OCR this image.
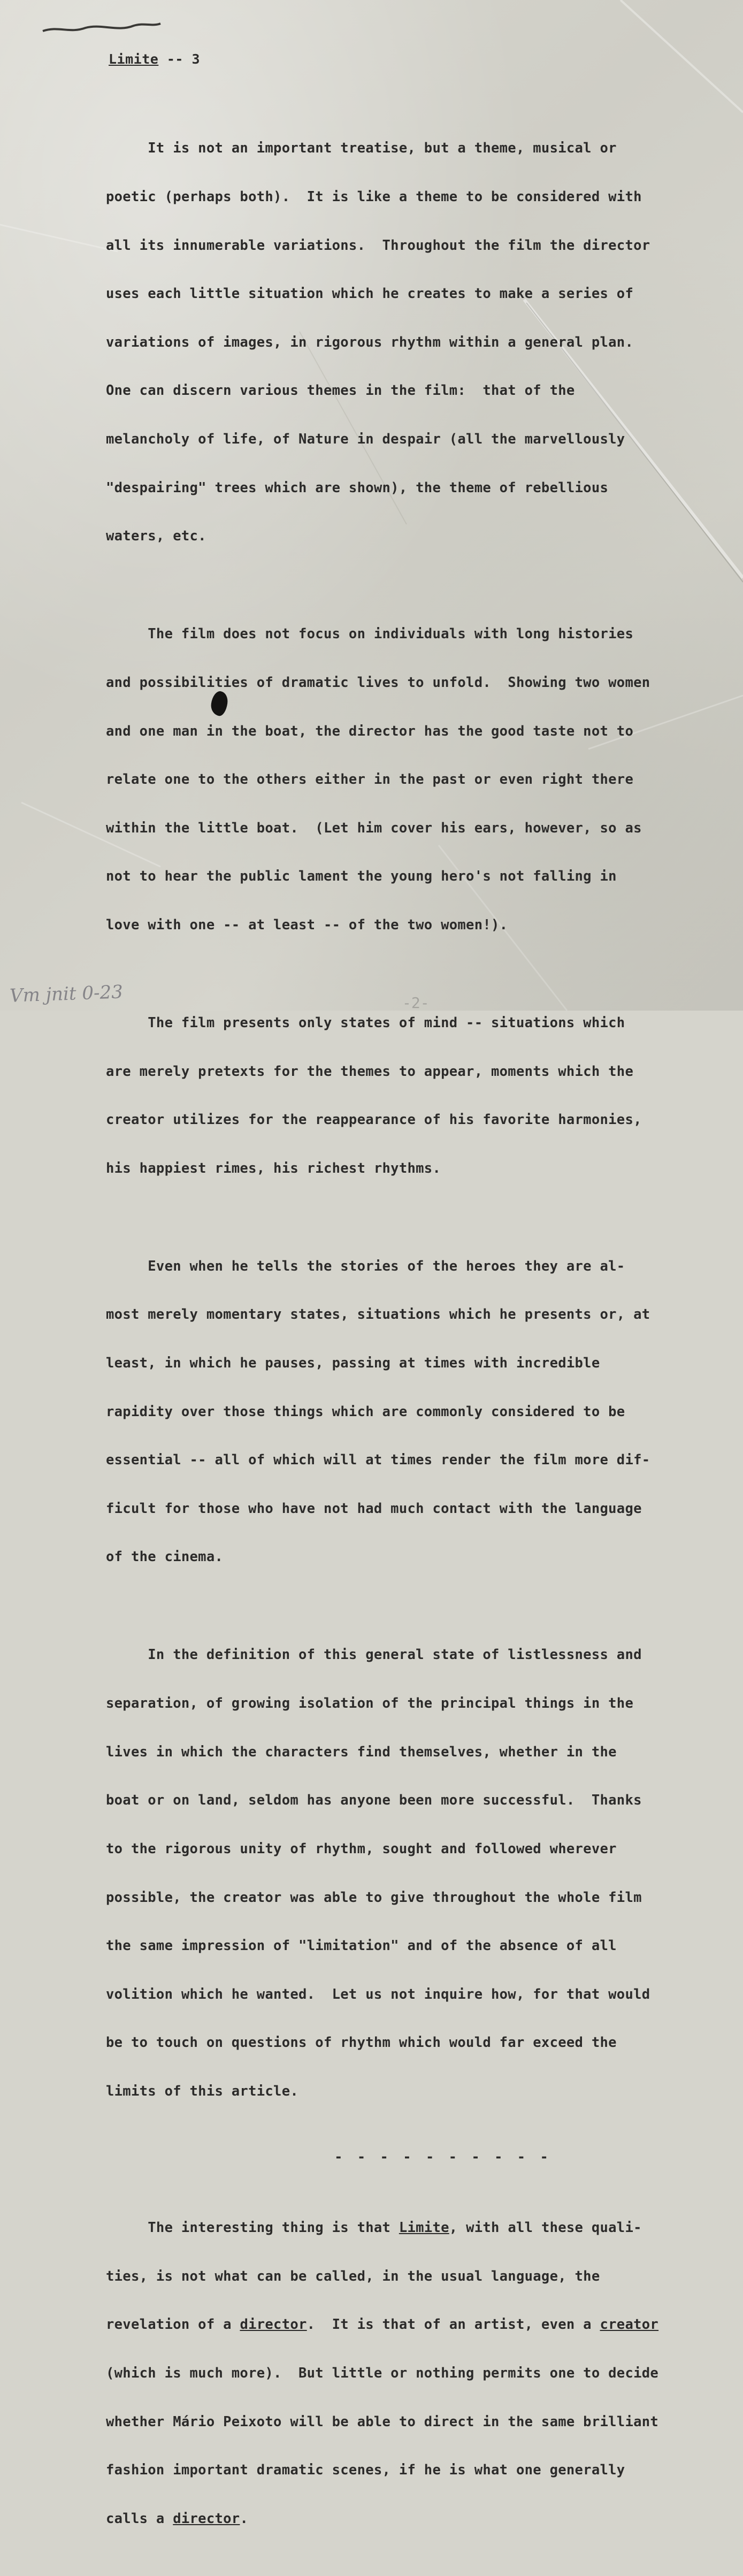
Limite -- 3

It is not an important treatise, but a theme, musical or

poetic (perhaps both).  It is like a theme to be considered with

all its innumerable variations.  Throughout the film the director

uses each little situation which he creates to make a series of

variations of images, in rigorous rhythm within a general plan.

One can discern various themes in the film:  that of the

melancholy of life, of Nature in despair (all the marvellously

"despairing" trees which are shown), the theme of rebellious

waters, etc.

The film does not focus on individuals with long histories

and possibilities of dramatic lives to unfold.  Showing two women

and one man in the boat, the director has the good taste not to

relate one to the others either in the past or even right there

within the little boat.  (Let him cover his ears, however, so as

not to hear the public lament the young hero's not falling in

love with one -- at least -- of the two women!).

The film presents only states of mind -- situations which

are merely pretexts for the themes to appear, moments which the

creator utilizes for the reappearance of his favorite harmonies,

his happiest rimes, his richest rhythms.

Even when he tells the stories of the heroes they are al-

most merely momentary states, situations which he presents or, at

least, in which he pauses, passing at times with incredible

rapidity over those things which are commonly considered to be

essential -- all of which will at times render the film more dif-

ficult for those who have not had much contact with the language

of the cinema.

In the definition of this general state of listlessness and

separation, of growing isolation of the principal things in the

lives in which the characters find themselves, whether in the

boat or on land, seldom has anyone been more successful.  Thanks

to the rigorous unity of rhythm, sought and followed wherever

possible, the creator was able to give throughout the whole film

the same impression of "limitation" and of the absence of all

volition which he wanted.  Let us not inquire how, for that would

be to touch on questions of rhythm which would far exceed the

limits of this article.

- - - - - - - - - -

The interesting thing is that Limite, with all these quali-

ties, is not what can be called, in the usual language, the

revelation of a director.  It is that of an artist, even a creator

(which is much more).  But little or nothing permits one to decide

whether Mário Peixoto will be able to direct in the same brilliant

fashion important dramatic scenes, if he is what one generally

calls a director.

Vm jnit 0-23	-2-
